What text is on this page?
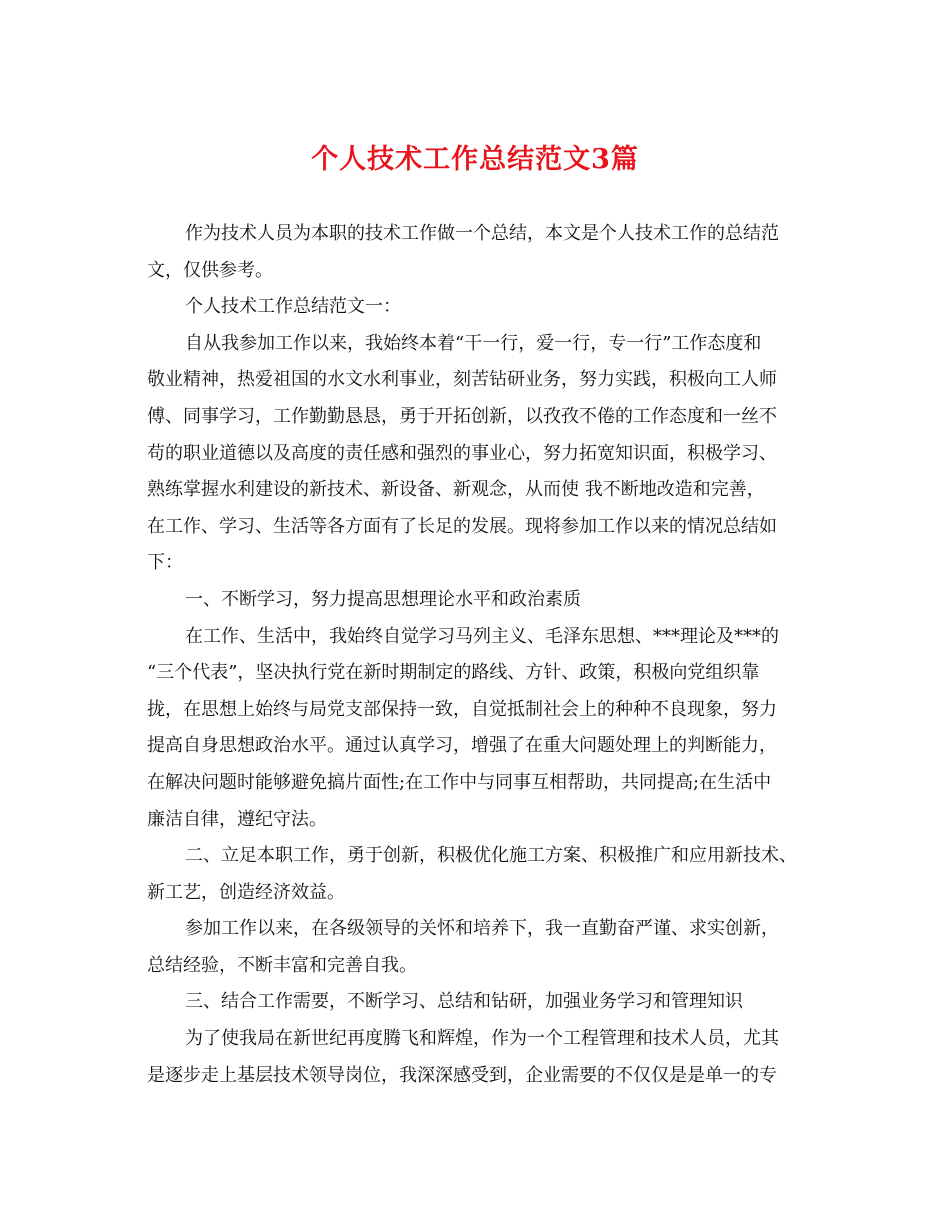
个人技术工作总结范文3篇
作为技术人员为本职的技术工作做一个总结，本文是个人技术工作的总结范
文，仅供参考。
个人技术工作总结范文一：
自从我参加工作以来，我始终本着“干一行，爱一行，专一行”工作态度和
敬业精神，热爱祖国的水文水利事业，刻苦钻研业务，努力实践，积极向工人师
傅、同事学习，工作勤勤恳恳，勇于开拓创新，以孜孜不倦的工作态度和一丝不
苟的职业道德以及高度的责任感和强烈的事业心，努力拓宽知识面，积极学习、
熟练掌握水利建设的新技术、新设备、新观念，从而使 我不断地改造和完善，
在工作、学习、生活等各方面有了长足的发展。现将参加工作以来的情况总结如
下：
一、不断学习，努力提高思想理论水平和政治素质
在工作、生活中，我始终自觉学习马列主义、毛泽东思想、***理论及***的
“三个代表”，坚决执行党在新时期制定的路线、方针、政策，积极向党组织靠
拢，在思想上始终与局党支部保持一致，自觉抵制社会上的种种不良现象，努力
提高自身思想政治水平。通过认真学习，增强了在重大问题处理上的判断能力，
在解决问题时能够避免搞片面性;在工作中与同事互相帮助，共同提高;在生活中
廉洁自律，遵纪守法。
二、立足本职工作，勇于创新，积极优化施工方案、积极推广和应用新技术、
新工艺，创造经济效益。
参加工作以来，在各级领导的关怀和培养下，我一直勤奋严谨、求实创新，
总结经验，不断丰富和完善自我。
三、结合工作需要，不断学习、总结和钻研，加强业务学习和管理知识
为了使我局在新世纪再度腾飞和辉煌，作为一个工程管理和技术人员，尤其
是逐步走上基层技术领导岗位，我深深感受到，企业需要的不仅仅是是单一的专
